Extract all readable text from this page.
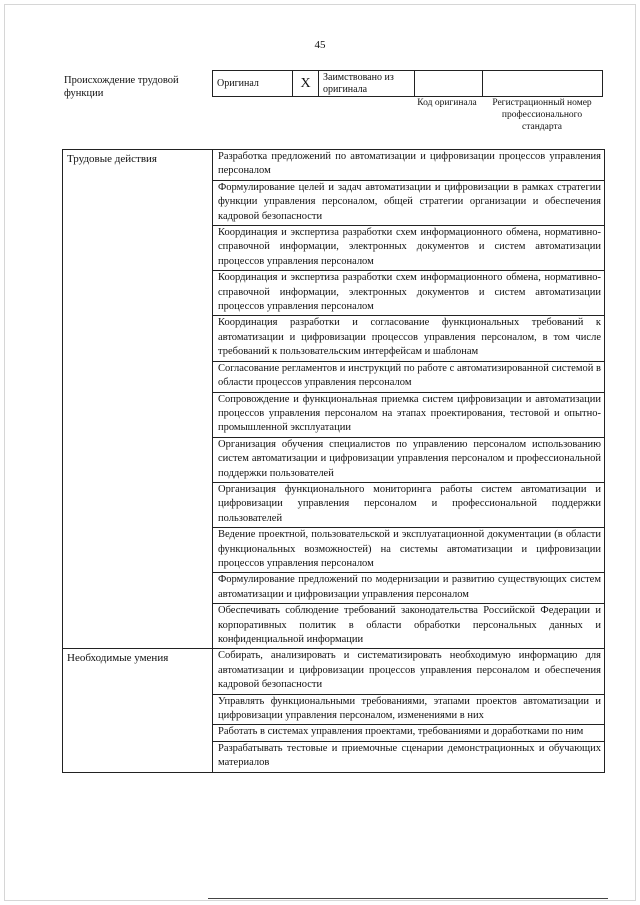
45
Происхождение трудовой функции
Оригинал	X	Заимствовано из оригинала		
Код оригинала	Регистрационный номер профессионального стандарта
Трудовые действия	Разработка предложений по автоматизации и цифровизации процессов управления персоналом
	Формулирование целей и задач автоматизации и цифровизации в рамках стратегии функции управления персоналом, общей стратегии организации и обеспечения кадровой безопасности
	Координация и экспертиза разработки схем информационного обмена, нормативно-справочной информации, электронных документов и систем автоматизации процессов управления персоналом
	Координация и экспертиза разработки схем информационного обмена, нормативно-справочной информации, электронных документов и систем автоматизации процессов управления персоналом
	Координация разработки и согласование функциональных требований к автоматизации и цифровизации процессов управления персоналом, в том числе требований к пользовательским интерфейсам и шаблонам
	Согласование регламентов и инструкций по работе с автоматизированной системой в области процессов управления персоналом
	Сопровождение и функциональная приемка систем цифровизации и автоматизации процессов управления персоналом на этапах проектирования, тестовой и опытно-промышленной эксплуатации
	Организация обучения специалистов по управлению персоналом использованию систем автоматизации и цифровизации управления персоналом и профессиональной поддержки пользователей
	Организация функционального мониторинга работы систем автоматизации и цифровизации управления персоналом и профессиональной поддержки пользователей
	Ведение проектной, пользовательской и эксплуатационной документации (в области функциональных возможностей) на системы автоматизации и цифровизации процессов управления персоналом
	Формулирование предложений по модернизации и развитию существующих систем автоматизации и цифровизации управления персоналом
	Обеспечивать соблюдение требований законодательства Российской Федерации и корпоративных политик в области обработки персональных данных и конфиденциальной информации
Необходимые умения	Собирать, анализировать и систематизировать необходимую информацию для автоматизации и цифровизации процессов управления персоналом и обеспечения кадровой безопасности
	Управлять функциональными требованиями, этапами проектов автоматизации и цифровизации управления персоналом, изменениями в них
	Работать в системах управления проектами, требованиями и доработками по ним
	Разрабатывать тестовые и приемочные сценарии демонстрационных и обучающих материалов
